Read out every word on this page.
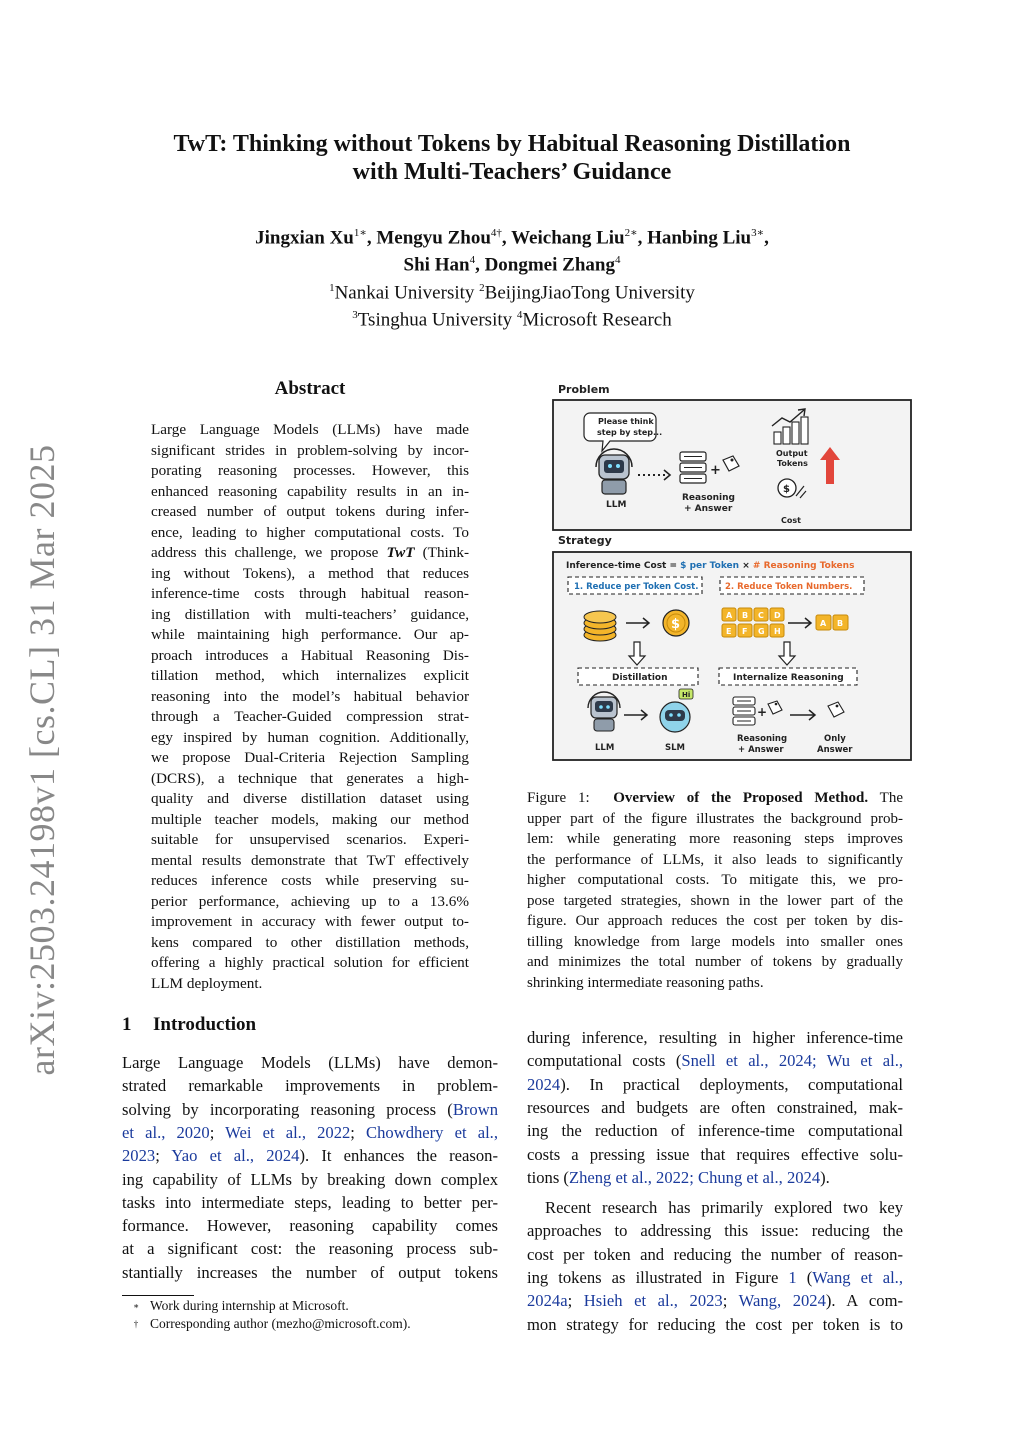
arXiv:2503.24198v1 [cs.CL] 31 Mar 2025
TwT: Thinking without Tokens by Habitual Reasoning Distillation
with Multi-Teachers’ Guidance
Jingxian $Xu^{1∗}$, Mengyu Zhou$^{4\dagger}$, Weichang Liu$^{2∗}$, Hanbing Liu$^{3∗}$,
Shi Han$^4$, Dongmei Zhang$^4$
$^1$Nankai University $^2$BeijingJiaoTong University
$^3$Tsinghua University $^4$Microsoft Research
Abstract
Large Language Models (LLMs) have made
significant strides in problem-solving by incor-
porating reasoning processes. However, this
enhanced reasoning capability results in an in-
creased number of output tokens during infer-
ence, leading to higher computational costs. To
address this challenge, we propose TwT (Think-
ing without Tokens), a method that reduces
inference-time costs through habitual reason-
ing distillation with multi-teachers’ guidance,
while maintaining high performance. Our ap-
proach introduces a Habitual Reasoning Dis-
tillation method, which internalizes explicit
reasoning into the model’s habitual behavior
through a Teacher-Guided compression strat-
egy inspired by human cognition. Additionally,
we propose Dual-Criteria Rejection Sampling
(DCRS), a technique that generates a high-
quality and diverse distillation dataset using
multiple teacher models, making our method
suitable for unsupervised scenarios. Experi-
mental results demonstrate that TwT effectively
reduces inference costs while preserving su-
perior performance, achieving up to a 13.6%
improvement in accuracy with fewer output to-
kens compared to other distillation methods,
offering a highly practical solution for efficient
LLM deployment.
1 Introduction
Large Language Models (LLMs) have demon-
strated remarkable improvements in problem-
solving by incorporating reasoning process (Brown
et al., 2020; Wei et al., 2022; Chowdhery et al.,
2023; Yao et al., 2024). It enhances the reason-
ing capability of LLMs by breaking down complex
tasks into intermediate steps, leading to better per-
formance. However, reasoning capability comes
at a significant cost: the reasoning process sub-
stantially increases the number of output tokens
∗ Work during internship at Microsoft.
† Corresponding author (mezho@microsoft.com).
Problem
Please think
step by step...
LLM
+
Reasoning
+ Answer
Output
Tokens
$
Cost
Strategy
Inference-time Cost = $ per Token × # Reasoning Tokens
1. Reduce per Token Cost.	2. Reduce Token Numbers.
$
A B C D
E F G H
A B
Distillation	Internalize Reasoning
LLM
Hi
SLM
+
Reasoning
+ Answer
Only
Answer
Figure 1: Overview of the Proposed Method. The
upper part of the figure illustrates the background prob-
lem: while generating more reasoning steps improves
the performance of LLMs, it also leads to significantly
higher computational costs. To mitigate this, we pro-
pose targeted strategies, shown in the lower part of the
figure. Our approach reduces the cost per token by dis-
tilling knowledge from large models into smaller ones
and minimizes the total number of tokens by gradually
shrinking intermediate reasoning paths.
during inference, resulting in higher inference-time
computational costs (Snell et al., 2024; Wu et al.,
2024). In practical deployments, computational
resources and budgets are often constrained, mak-
ing the reduction of inference-time computational
costs a pressing issue that requires effective solu-
tions (Zheng et al., 2022; Chung et al., 2024).
Recent research has primarily explored two key
approaches to addressing this issue: reducing the
cost per token and reducing the number of reason-
ing tokens as illustrated in Figure 1 (Wang et al.,
2024a; Hsieh et al., 2023; Wang, 2024). A com-
mon strategy for reducing the cost per token is to
